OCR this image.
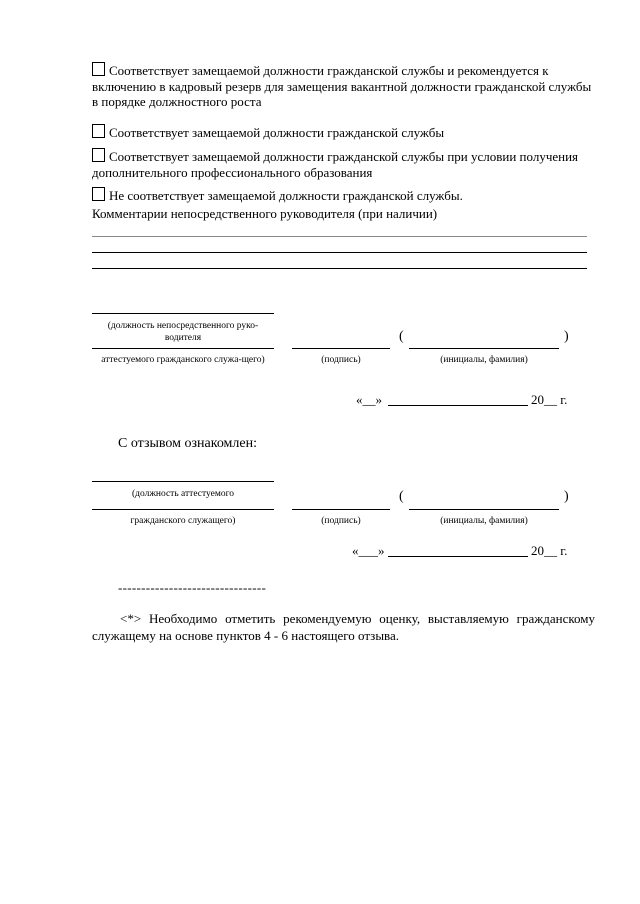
Соответствует замещаемой должности гражданской службы и рекомендуется к включению в кадровый резерв для замещения вакантной должности гражданской службы в порядке должностного роста
Соответствует замещаемой должности гражданской службы
Соответствует замещаемой должности гражданской службы при условии получения дополнительного профессионального образования
Не соответствует замещаемой должности гражданской службы.
Комментарии непосредственного руководителя (при наличии)
(должность непосредственного руко-водителя	(	)
аттестуемого гражданского служа-щего)	(подпись)	(инициалы, фамилия)
«__»	20__ г.
С отзывом ознакомлен:
(должность аттестуемого	(	)
гражданского служащего)	(подпись)	(инициалы, фамилия)
«___»	20__ г.
--------------------------------
<*> Необходимо отметить рекомендуемую оценку, выставляемую гражданскому служащему на основе пунктов 4 - 6 настоящего отзыва.
